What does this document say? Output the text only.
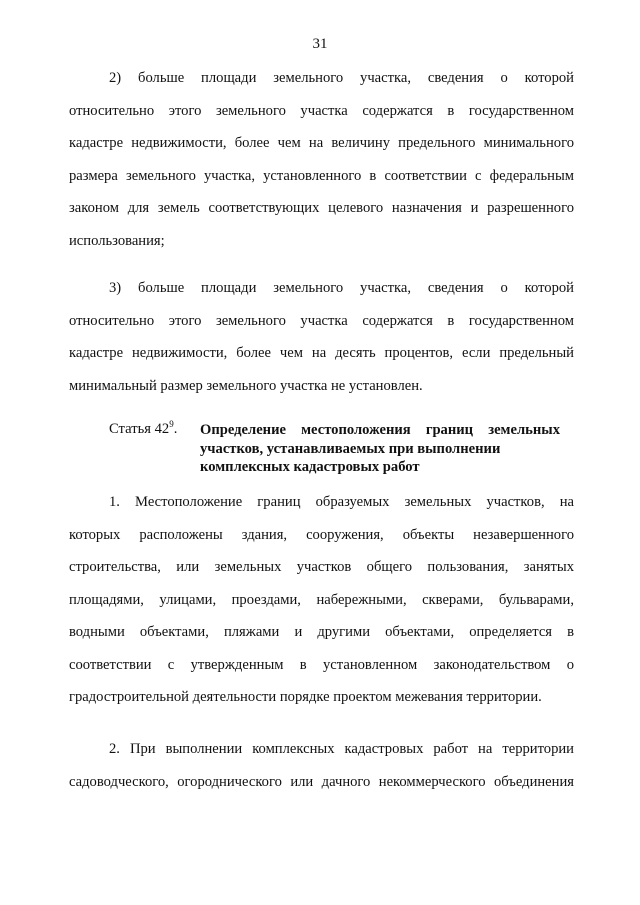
31
2) больше площади земельного участка, сведения о которой
относительно этого земельного участка содержатся в государственном
кадастре недвижимости, более чем на величину предельного минимального
размера земельного участка, установленного в соответствии с федеральным
законом для земель соответствующих целевого назначения и разрешенного
использования;
3) больше площади земельного участка, сведения о которой
относительно этого земельного участка содержатся в государственном
кадастре недвижимости, более чем на десять процентов, если предельный
минимальный размер земельного участка не установлен.
Статья $42^9$. Определение местоположения границ земельных
участков, устанавливаемых при выполнении
комплексных кадастровых работ
1. Местоположение границ образуемых земельных участков, на
которых расположены здания, сооружения, объекты незавершенного
строительства, или земельных участков общего пользования, занятых
площадями, улицами, проездами, набережными, скверами, бульварами,
водными объектами, пляжами и другими объектами, определяется в
соответствии с утвержденным в установленном законодательством о
градостроительной деятельности порядке проектом межевания территории.
2. При выполнении комплексных кадастровых работ на территории
садоводческого, огороднического или дачного некоммерческого объединения
